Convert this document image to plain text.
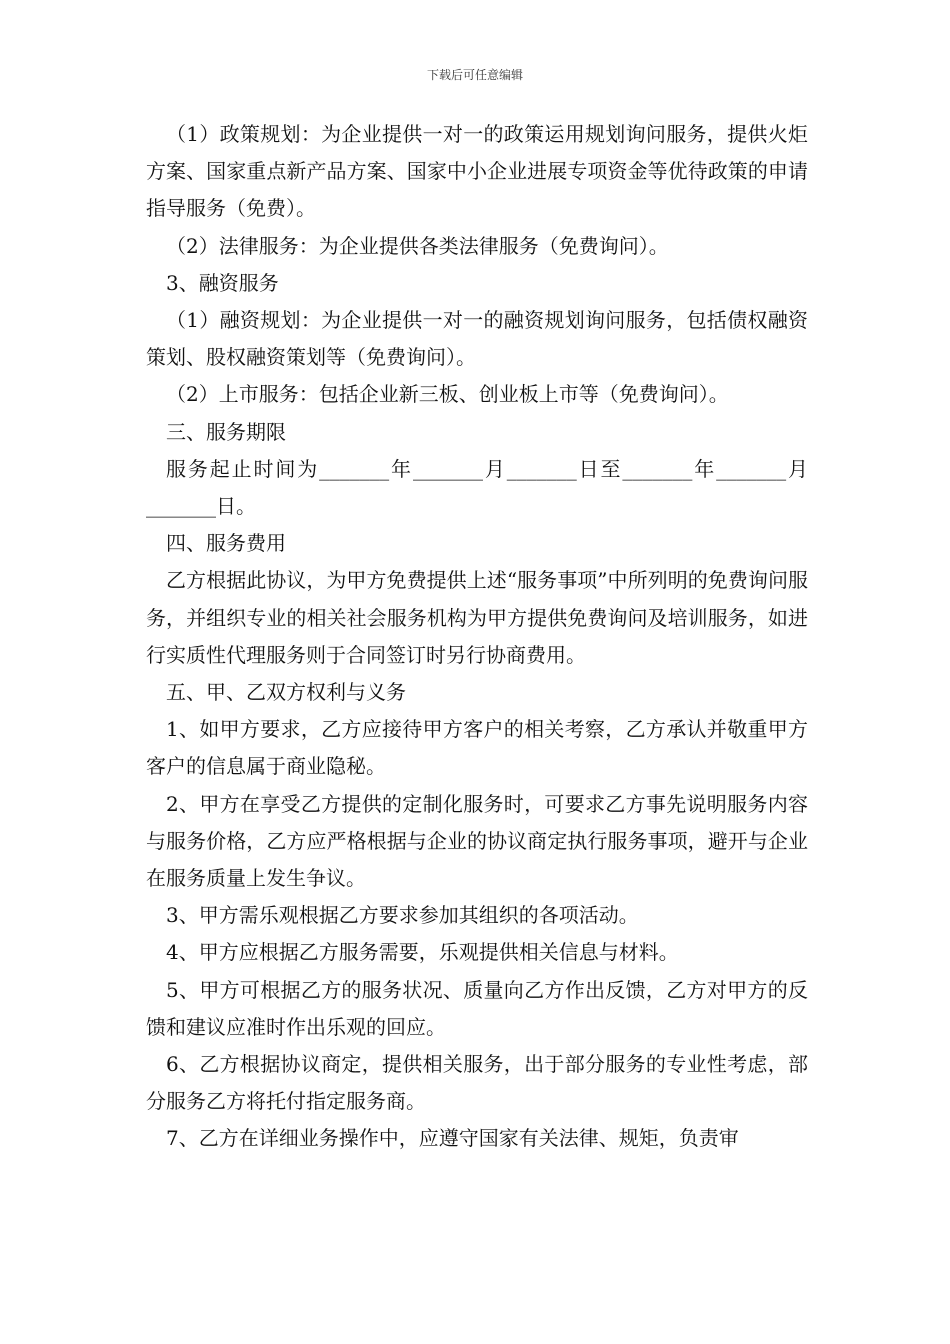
下载后可任意编辑

（1）政策规划：为企业提供一对一的政策运用规划询问服务，提供火炬方案、国家重点新产品方案、国家中小企业进展专项资金等优待政策的申请指导服务（免费）。

（2）法律服务：为企业提供各类法律服务（免费询问）。

3、融资服务

（1）融资规划：为企业提供一对一的融资规划询问服务，包括债权融资策划、股权融资策划等（免费询问）。

（2）上市服务：包括企业新三板、创业板上市等（免费询问）。

三、服务期限

服务起止时间为_______年_______月_______日至_______年_______月_______日。

四、服务费用

乙方根据此协议，为甲方免费提供上述“服务事项”中所列明的免费询问服务，并组织专业的相关社会服务机构为甲方提供免费询问及培训服务，如进行实质性代理服务则于合同签订时另行协商费用。

五、甲、乙双方权利与义务

1、如甲方要求，乙方应接待甲方客户的相关考察，乙方承认并敬重甲方客户的信息属于商业隐秘。

2、甲方在享受乙方提供的定制化服务时，可要求乙方事先说明服务内容与服务价格，乙方应严格根据与企业的协议商定执行服务事项，避开与企业在服务质量上发生争议。

3、甲方需乐观根据乙方要求参加其组织的各项活动。

4、甲方应根据乙方服务需要，乐观提供相关信息与材料。

5、甲方可根据乙方的服务状况、质量向乙方作出反馈，乙方对甲方的反馈和建议应准时作出乐观的回应。

6、乙方根据协议商定，提供相关服务，出于部分服务的专业性考虑，部分服务乙方将托付指定服务商。

7、乙方在详细业务操作中，应遵守国家有关法律、规矩，负责审
